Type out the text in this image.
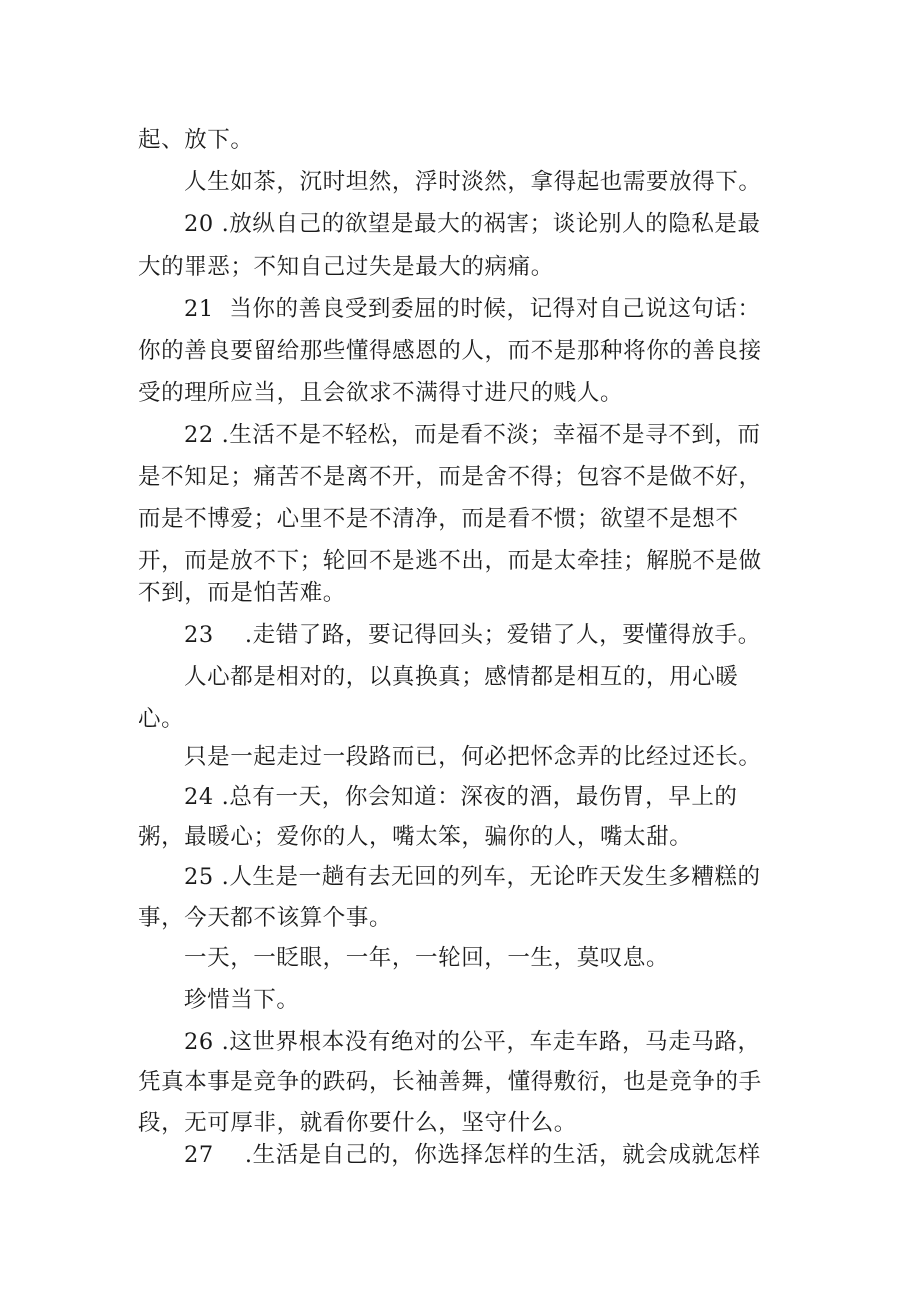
起、放下。
人生如茶，沉时坦然，浮时淡然，拿得起也需要放得下。
20 .放纵自己的欲望是最大的祸害；谈论别人的隐私是最
大的罪恶；不知自己过失是最大的病痛。
21  当你的善良受到委屈的时候，记得对自己说这句话：
你的善良要留给那些懂得感恩的人，而不是那种将你的善良接
受的理所应当，且会欲求不满得寸进尺的贱人。
22 .生活不是不轻松，而是看不淡；幸福不是寻不到，而
是不知足；痛苦不是离不开，而是舍不得；包容不是做不好，
而是不博爱；心里不是不清净，而是看不惯；欲望不是想不
开，而是放不下；轮回不是逃不出，而是太牵挂；解脱不是做
不到，而是怕苦难。
23    .走错了路，要记得回头；爱错了人，要懂得放手。
人心都是相对的，以真换真；感情都是相互的，用心暖
心。
只是一起走过一段路而已，何必把怀念弄的比经过还长。
24 .总有一天，你会知道：深夜的酒，最伤胃，早上的
粥，最暖心；爱你的人，嘴太笨，骗你的人，嘴太甜。
25 .人生是一趟有去无回的列车，无论昨天发生多糟糕的
事，今天都不该算个事。
一天，一眨眼，一年，一轮回，一生，莫叹息。
珍惜当下。
26 .这世界根本没有绝对的公平，车走车路，马走马路，
凭真本事是竞争的跌码，长袖善舞，懂得敷衍，也是竞争的手
段，无可厚非，就看你要什么，坚守什么。
27    .生活是自己的，你选择怎样的生活，就会成就怎样
